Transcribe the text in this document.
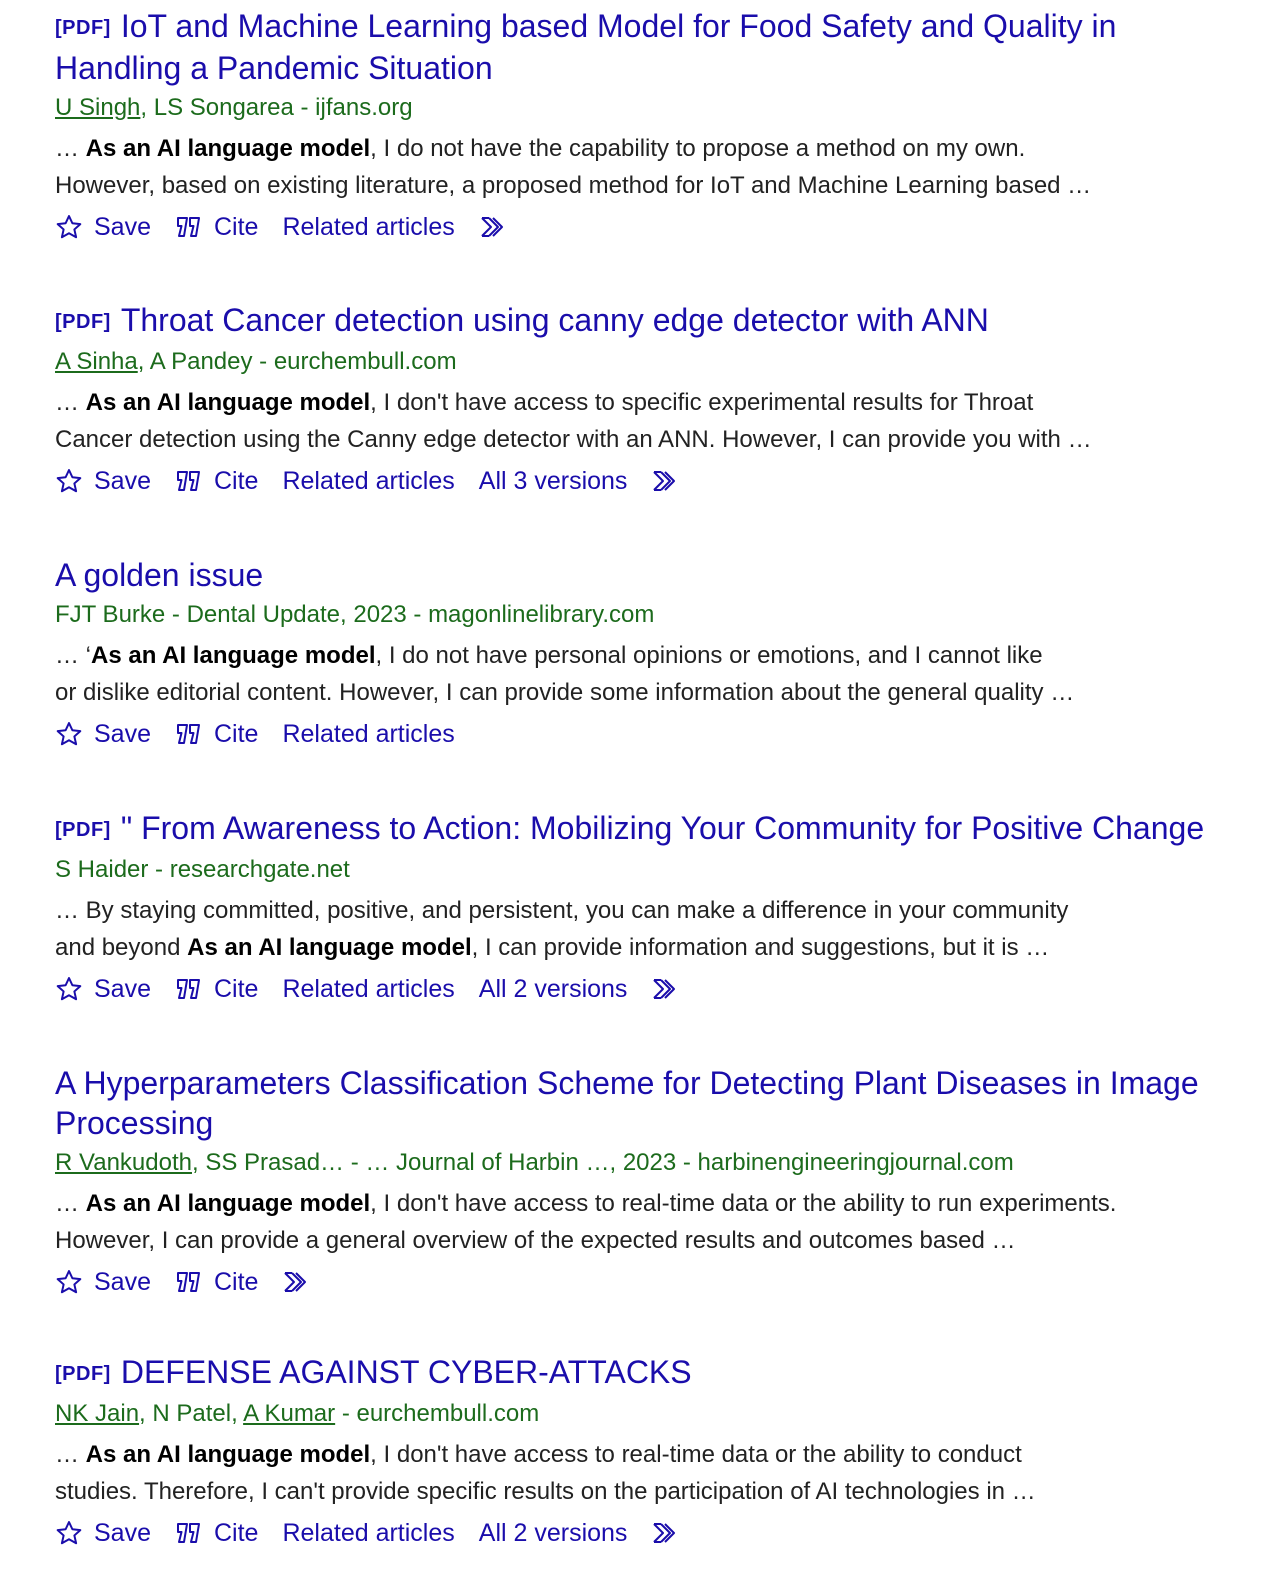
[PDF] IoT and Machine Learning based Model for Food Safety and Quality in
Handling a Pandemic Situation
U Singh, LS Songarea - ijfans.org
… As an AI language model, I do not have the capability to propose a method on my own.
However, based on existing literature, a proposed method for IoT and Machine Learning based …
Save	Cite Related articles
[PDF] Throat Cancer detection using canny edge detector with ANN
A Sinha, A Pandey - eurchembull.com
… As an AI language model, I don't have access to specific experimental results for Throat
Cancer detection using the Canny edge detector with an ANN. However, I can provide you with …
Save	Cite Related articles All 3 versions
A golden issue
FJT Burke - Dental Update, 2023 - magonlinelibrary.com
… ‘As an AI language model, I do not have personal opinions or emotions, and I cannot like
or dislike editorial content. However, I can provide some information about the general quality …
Save	Cite Related articles
[PDF] " From Awareness to Action: Mobilizing Your Community for Positive Change
S Haider - researchgate.net
… By staying committed, positive, and persistent, you can make a difference in your community
and beyond As an AI language model, I can provide information and suggestions, but it is …
Save	Cite Related articles All 2 versions
A Hyperparameters Classification Scheme for Detecting Plant Diseases in Image
Processing
R Vankudoth, SS Prasad… - … Journal of Harbin …, 2023 - harbinengineeringjournal.com
… As an AI language model, I don't have access to real-time data or the ability to run experiments.
However, I can provide a general overview of the expected results and outcomes based …
Save	Cite
[PDF] DEFENSE AGAINST CYBER-ATTACKS
NK Jain, N Patel, A Kumar - eurchembull.com
… As an AI language model, I don't have access to real-time data or the ability to conduct
studies. Therefore, I can't provide specific results on the participation of AI technologies in …
Save	Cite Related articles All 2 versions
